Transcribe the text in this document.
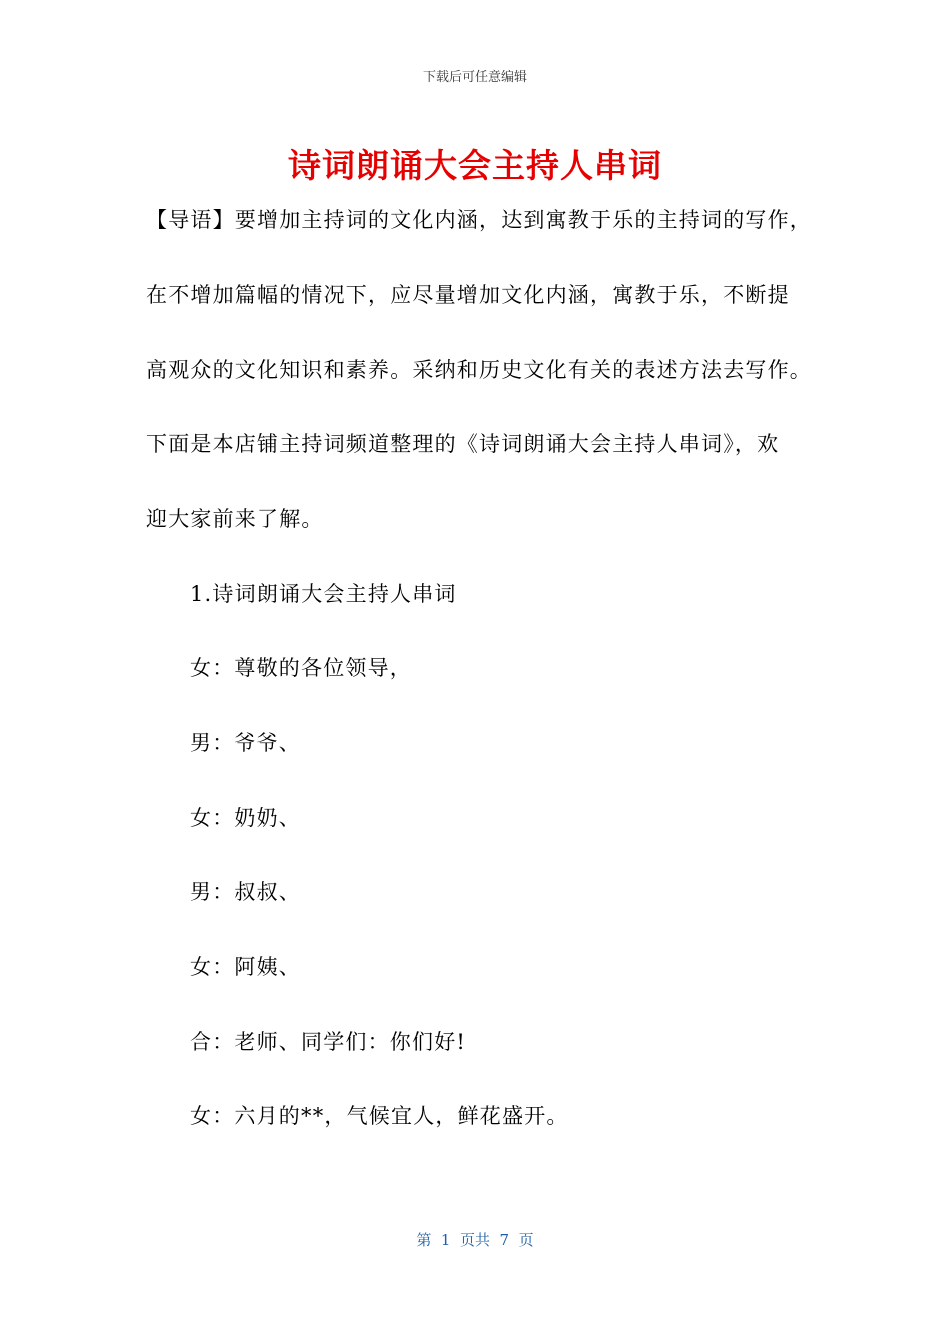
下载后可任意编辑
诗词朗诵大会主持人串词
【导语】要增加主持词的文化内涵，达到寓教于乐的主持词的写作，
在不增加篇幅的情况下，应尽量增加文化内涵，寓教于乐，不断提
高观众的文化知识和素养。采纳和历史文化有关的表述方法去写作。
下面是本店铺主持词频道整理的《诗词朗诵大会主持人串词》，欢
迎大家前来了解。
1.诗词朗诵大会主持人串词
女：尊敬的各位领导，
男：爷爷、
女：奶奶、
男：叔叔、
女：阿姨、
合：老师、同学们：你们好!
女：六月的**，气候宜人，鲜花盛开。
第  1  页共  7  页
